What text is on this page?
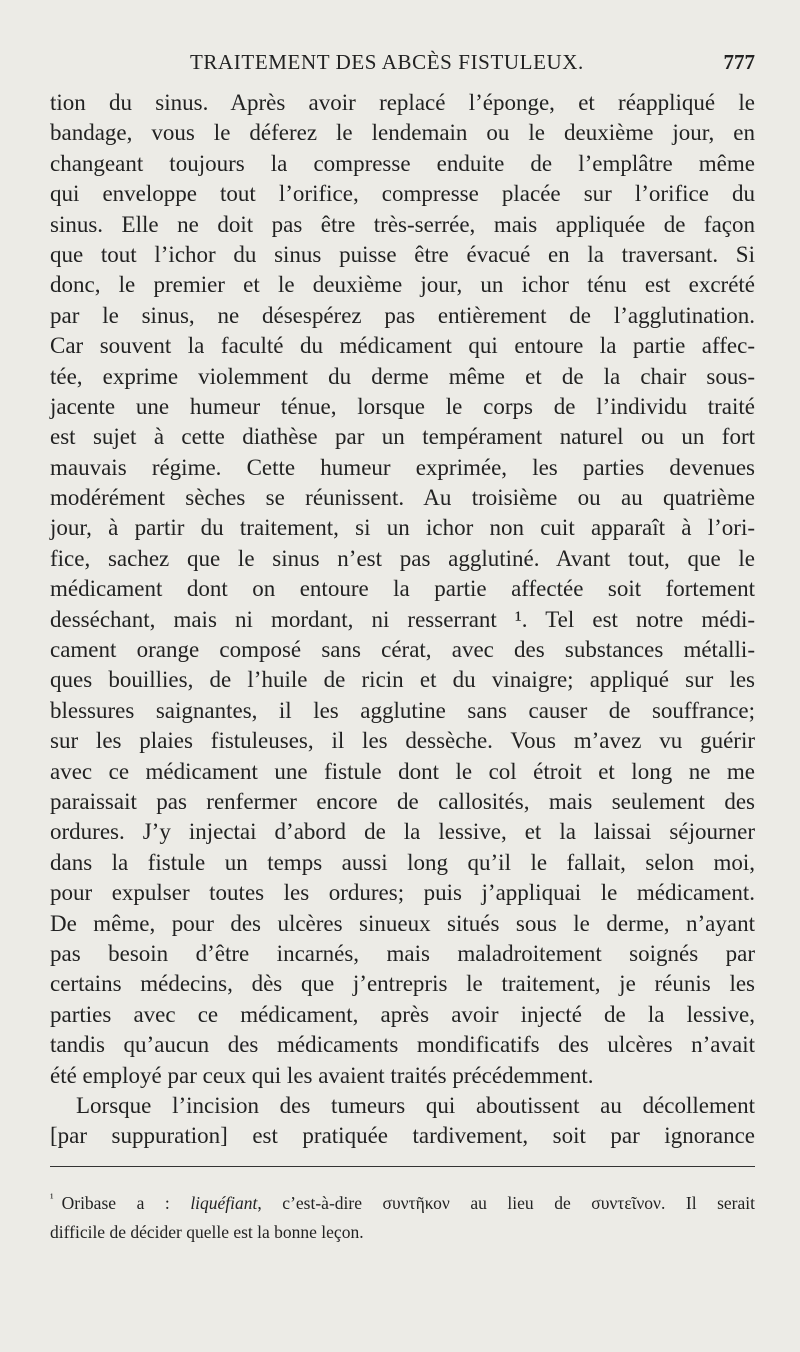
TRAITEMENT DES ABCÈS FISTULEUX.	777
tion du sinus. Après avoir replacé l’éponge, et réappliqué le
bandage, vous le déferez le lendemain ou le deuxième jour, en
changeant toujours la compresse enduite de l’emplâtre même
qui enveloppe tout l’orifice, compresse placée sur l’orifice du
sinus. Elle ne doit pas être très-serrée, mais appliquée de façon
que tout l’ichor du sinus puisse être évacué en la traversant. Si
donc, le premier et le deuxième jour, un ichor ténu est excrété
par le sinus, ne désespérez pas entièrement de l’agglutination.
Car souvent la faculté du médicament qui entoure la partie affec-
tée, exprime violemment du derme même et de la chair sous-
jacente une humeur ténue, lorsque le corps de l’individu traité
est sujet à cette diathèse par un tempérament naturel ou un fort
mauvais régime. Cette humeur exprimée, les parties devenues
modérément sèches se réunissent. Au troisième ou au quatrième
jour, à partir du traitement, si un ichor non cuit apparaît à l’ori-
fice, sachez que le sinus n’est pas agglutiné. Avant tout, que le
médicament dont on entoure la partie affectée soit fortement
desséchant, mais ni mordant, ni resserrant ¹. Tel est notre médi-
cament orange composé sans cérat, avec des substances métalli-
ques bouillies, de l’huile de ricin et du vinaigre; appliqué sur les
blessures saignantes, il les agglutine sans causer de souffrance;
sur les plaies fistuleuses, il les dessèche. Vous m’avez vu guérir
avec ce médicament une fistule dont le col étroit et long ne me
paraissait pas renfermer encore de callosités, mais seulement des
ordures. J’y injectai d’abord de la lessive, et la laissai séjourner
dans la fistule un temps aussi long qu’il le fallait, selon moi,
pour expulser toutes les ordures; puis j’appliquai le médicament.
De même, pour des ulcères sinueux situés sous le derme, n’ayant
pas besoin d’être incarnés, mais maladroitement soignés par
certains médecins, dès que j’entrepris le traitement, je réunis les
parties avec ce médicament, après avoir injecté de la lessive,
tandis qu’aucun des médicaments mondificatifs des ulcères n’avait
été employé par ceux qui les avaient traités précédemment.
Lorsque l’incision des tumeurs qui aboutissent au décollement
[par suppuration] est pratiquée tardivement, soit par ignorance
$^{^1}$ Oribase a : liquéfiant, c’est-à-dire συντῆκον au lieu de συντεῖνον. Il serait
difficile de décider quelle est la bonne leçon.
